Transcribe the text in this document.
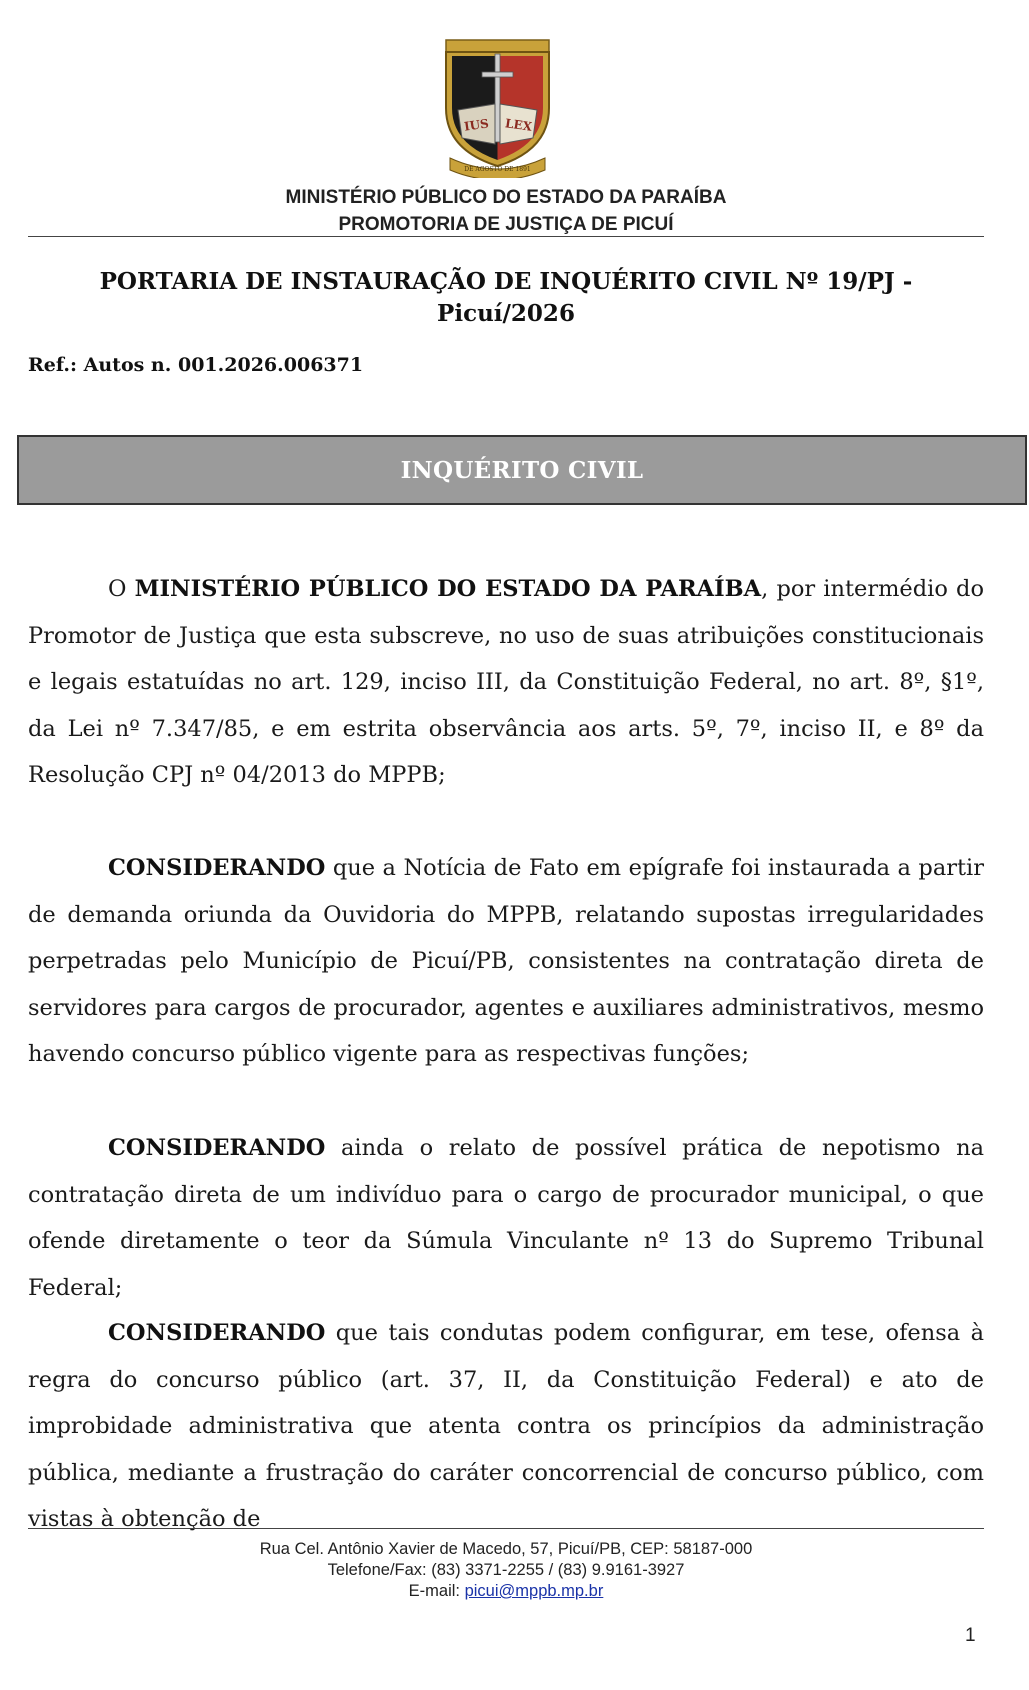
IUS LEX
DE AGOSTO DE 1891
MINISTÉRIO PÚBLICO DO ESTADO DA PARAÍBA
PROMOTORIA DE JUSTIÇA DE PICUÍ
PORTARIA DE INSTAURAÇÃO DE INQUÉRITO CIVIL Nº 19/PJ - Picuí/2026
Ref.: Autos n. 001.2026.006371
INQUÉRITO CIVIL

O MINISTÉRIO PÚBLICO DO ESTADO DA PARAÍBA, por intermédio do Promotor de Justiça que esta subscreve, no uso de suas atribuições constitucionais e legais estatuídas no art. 129, inciso III, da Constituição Federal, no art. 8º, §1º, da Lei nº 7.347/85, e em estrita observância aos arts. 5º, 7º, inciso II, e 8º da Resolução CPJ nº 04/2013 do MPPB;

CONSIDERANDO que a Notícia de Fato em epígrafe foi instaurada a partir de demanda oriunda da Ouvidoria do MPPB, relatando supostas irregularidades perpetradas pelo Município de Picuí/PB, consistentes na contratação direta de servidores para cargos de procurador, agentes e auxiliares administrativos, mesmo havendo concurso público vigente para as respectivas funções;

CONSIDERANDO ainda o relato de possível prática de nepotismo na contratação direta de um indivíduo para o cargo de procurador municipal, o que ofende diretamente o teor da Súmula Vinculante nº 13 do Supremo Tribunal Federal;

CONSIDERANDO que tais condutas podem configurar, em tese, ofensa à regra do concurso público (art. 37, II, da Constituição Federal) e ato de improbidade administrativa que atenta contra os princípios da administração pública, mediante a frustração do caráter concorrencial de concurso público, com vistas à obtenção de

Rua Cel. Antônio Xavier de Macedo, 57, Picuí/PB, CEP: 58187-000
Telefone/Fax: (83) 3371-2255 / (83) 9.9161-3927
E-mail: picui@mppb.mp.br
1
